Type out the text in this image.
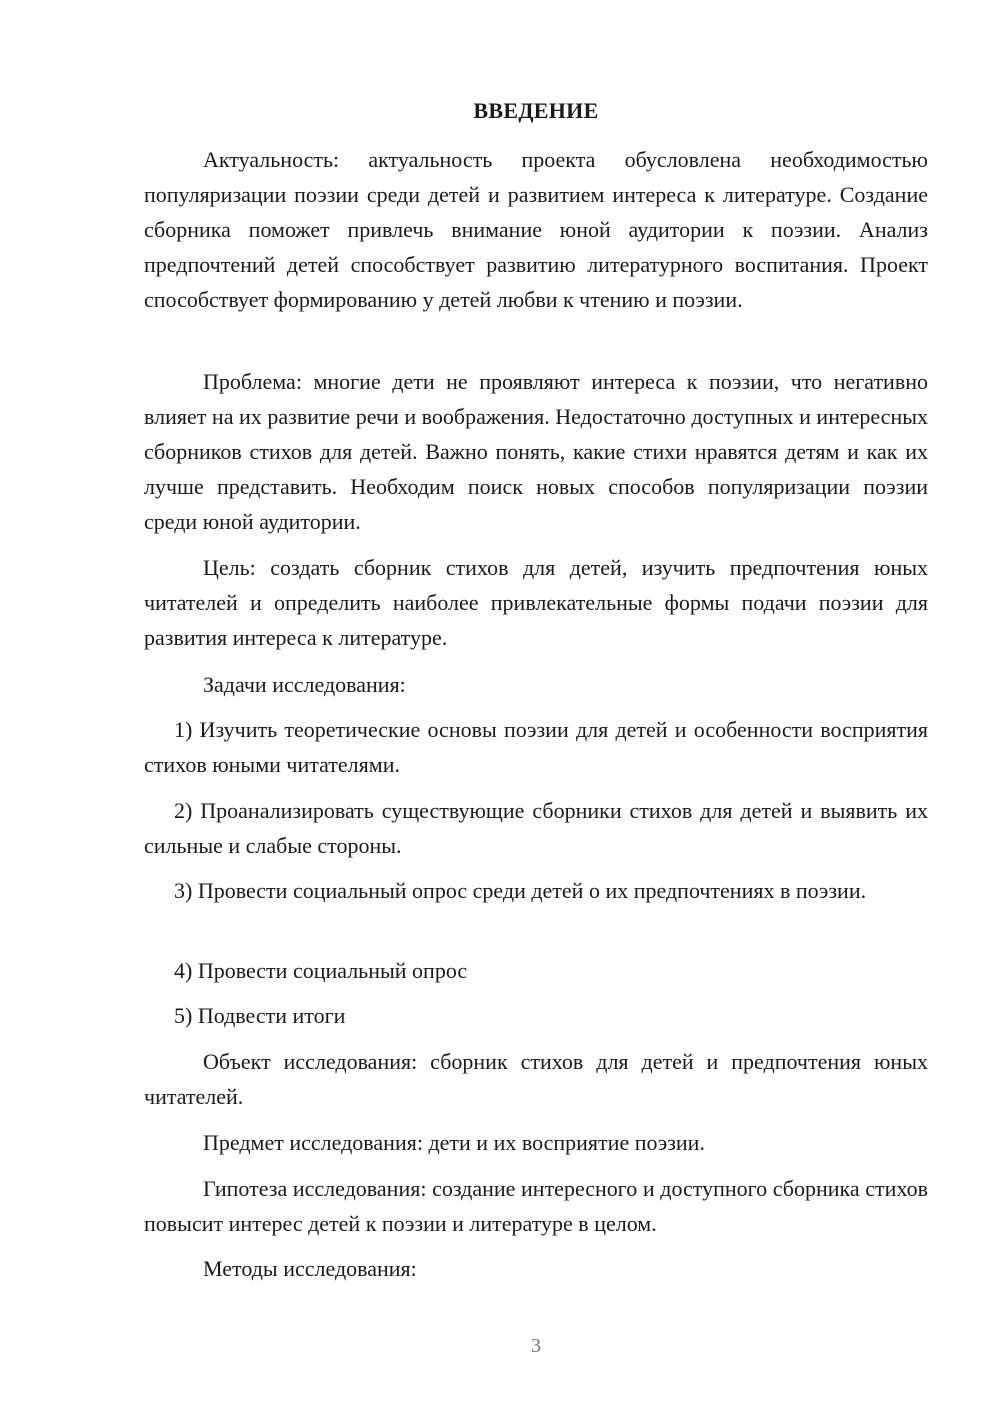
ВВЕДЕНИЕ

Актуальность: актуальность проекта обусловлена необходимостью популяризации поэзии среди детей и развитием интереса к литературе. Создание сборника поможет привлечь внимание юной аудитории к поэзии. Анализ предпочтений детей способствует развитию литературного воспитания. Проект способствует формированию у детей любви к чтению и поэзии.

Проблема: многие дети не проявляют интереса к поэзии, что негативно влияет на их развитие речи и воображения. Недостаточно доступных и интересных сборников стихов для детей. Важно понять, какие стихи нравятся детям и как их лучше представить. Необходим поиск новых способов популяризации поэзии среди юной аудитории.

Цель: создать сборник стихов для детей, изучить предпочтения юных читателей и определить наиболее привлекательные формы подачи поэзии для развития интереса к литературе.

Задачи исследования:

1) Изучить теоретические основы поэзии для детей и особенности восприятия стихов юными читателями.

2) Проанализировать существующие сборники стихов для детей и выявить их сильные и слабые стороны.

3) Провести социальный опрос среди детей о их предпочтениях в поэзии.

4) Провести социальный опрос

5) Подвести итоги

Объект исследования: сборник стихов для детей и предпочтения юных читателей.

Предмет исследования: дети и их восприятие поэзии.

Гипотеза исследования: создание интересного и доступного сборника стихов повысит интерес детей к поэзии и литературе в целом.

Методы исследования:

3
